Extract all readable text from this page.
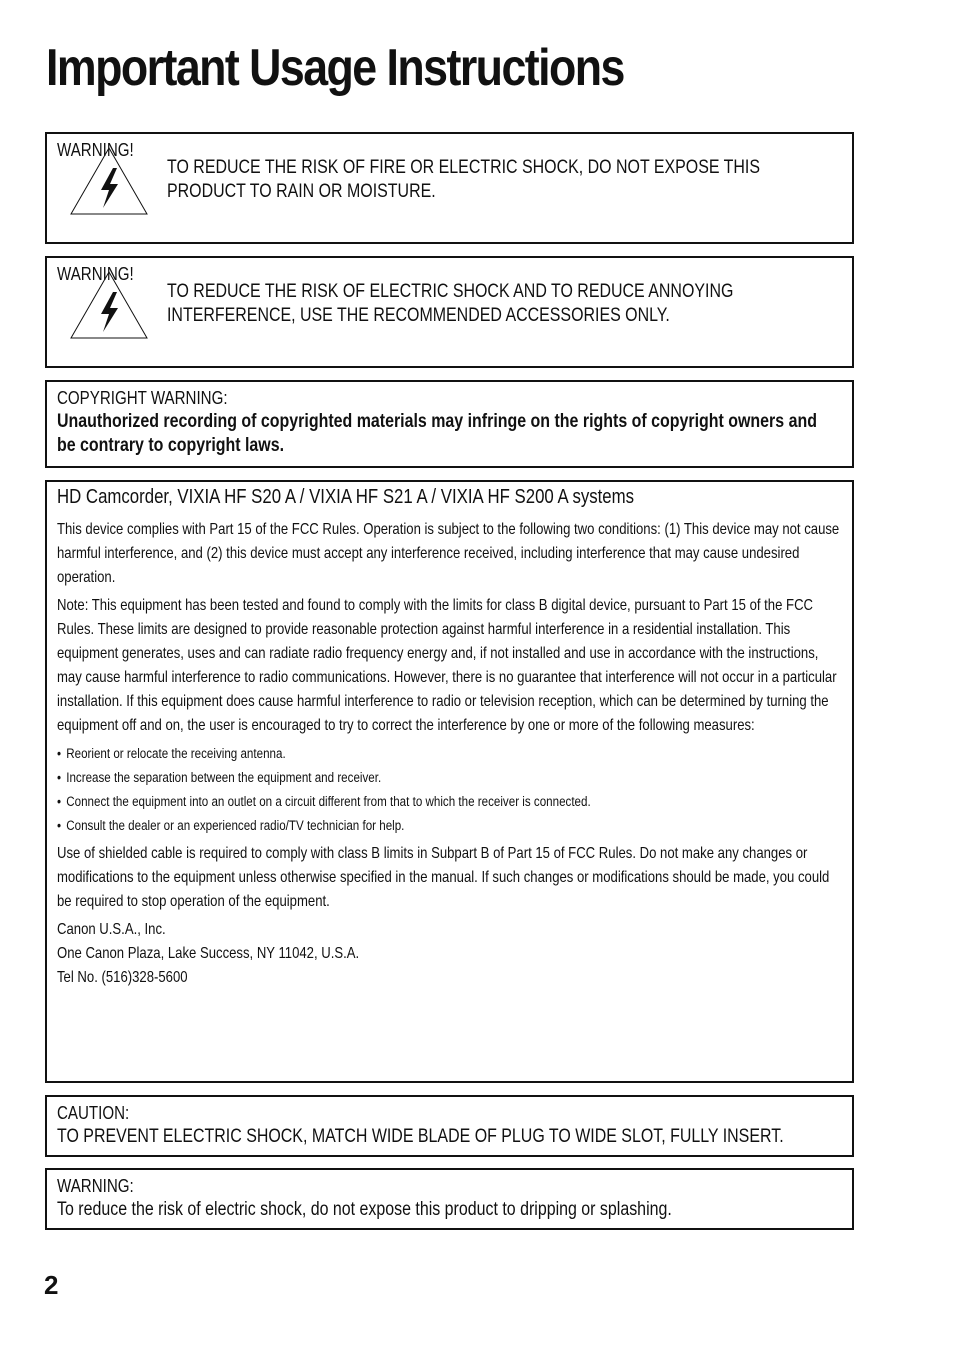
Important Usage Instructions
WARNING!
TO REDUCE THE RISK OF FIRE OR ELECTRIC SHOCK, DO NOT EXPOSE THIS
PRODUCT TO RAIN OR MOISTURE.
WARNING!
TO REDUCE THE RISK OF ELECTRIC SHOCK AND TO REDUCE ANNOYING
INTERFERENCE, USE THE RECOMMENDED ACCESSORIES ONLY.
COPYRIGHT WARNING:
Unauthorized recording of copyrighted materials may infringe on the rights of copyright owners and be contrary to copyright laws.
HD Camcorder, VIXIA HF S20 A / VIXIA HF S21 A / VIXIA HF S200 A systems

This device complies with Part 15 of the FCC Rules. Operation is subject to the following two conditions: (1) This device may not cause harmful interference, and (2) this device must accept any interference received, including interference that may cause undesired operation.

Note: This equipment has been tested and found to comply with the limits for class B digital device, pursuant to Part 15 of the FCC Rules. These limits are designed to provide reasonable protection against harmful interference in a residential installation. This equipment generates, uses and can radiate radio frequency energy and, if not installed and use in accordance with the instructions, may cause harmful interference to radio communications. However, there is no guarantee that interference will not occur in a particular installation. If this equipment does cause harmful interference to radio or television reception, which can be determined by turning the equipment off and on, the user is encouraged to try to correct the interference by one or more of the following measures:

• Reorient or relocate the receiving antenna.
• Increase the separation between the equipment and receiver.
• Connect the equipment into an outlet on a circuit different from that to which the receiver is connected.
• Consult the dealer or an experienced radio/TV technician for help.

Use of shielded cable is required to comply with class B limits in Subpart B of Part 15 of FCC Rules. Do not make any changes or modifications to the equipment unless otherwise specified in the manual. If such changes or modifications should be made, you could be required to stop operation of the equipment.

Canon U.S.A., Inc.
One Canon Plaza, Lake Success, NY 11042, U.S.A.
Tel No. (516)328-5600
CAUTION:
TO PREVENT ELECTRIC SHOCK, MATCH WIDE BLADE OF PLUG TO WIDE SLOT, FULLY INSERT.
WARNING:
To reduce the risk of electric shock, do not expose this product to dripping or splashing.
2
